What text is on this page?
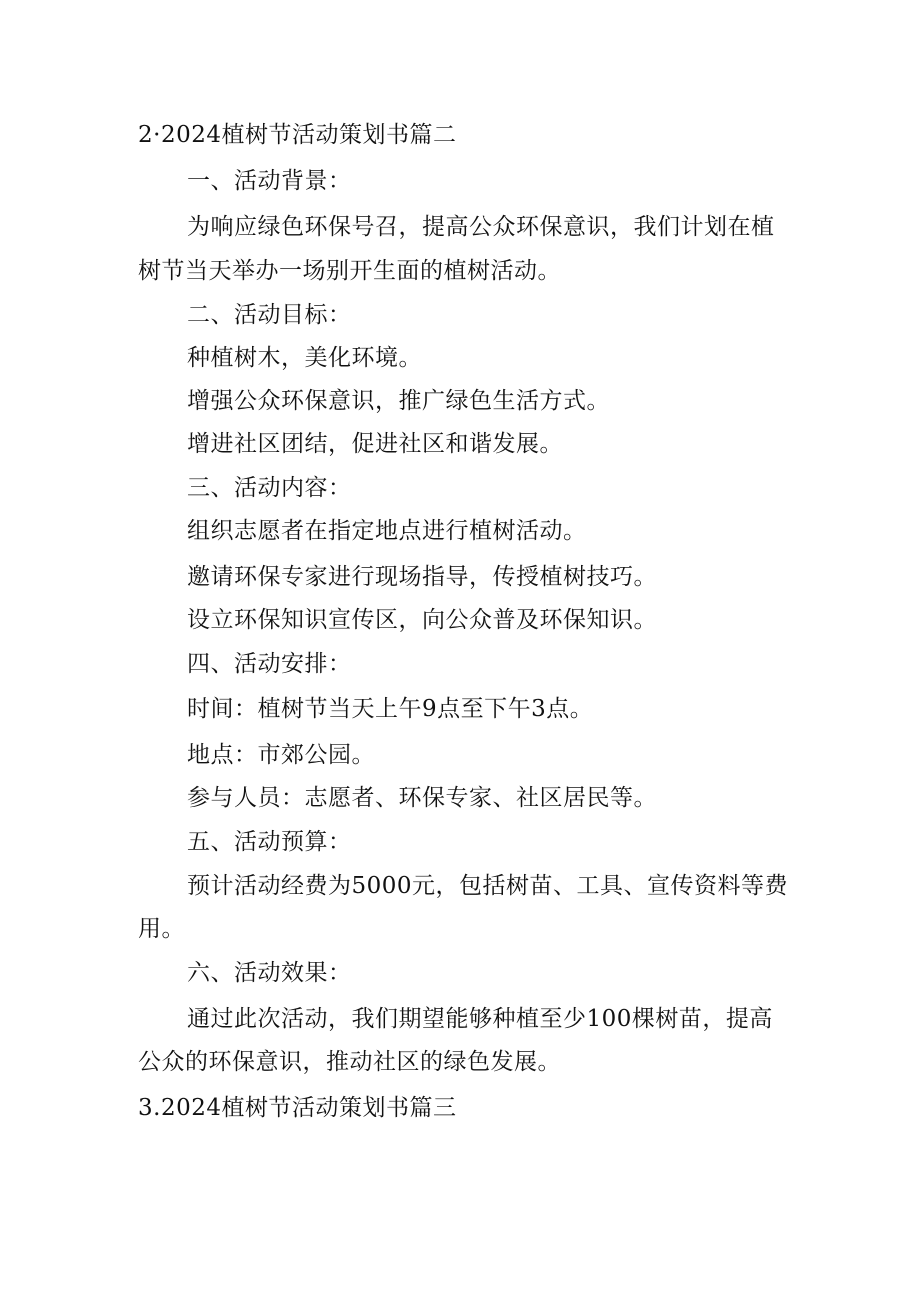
2·2024植树节活动策划书篇二
一、活动背景：
为响应绿色环保号召，提高公众环保意识，我们计划在植
树节当天举办一场别开生面的植树活动。
二、活动目标：
种植树木，美化环境。
增强公众环保意识，推广绿色生活方式。
增进社区团结，促进社区和谐发展。
三、活动内容：
组织志愿者在指定地点进行植树活动。
邀请环保专家进行现场指导，传授植树技巧。
设立环保知识宣传区，向公众普及环保知识。
四、活动安排：
时间：植树节当天上午9点至下午3点。
地点：市郊公园。
参与人员：志愿者、环保专家、社区居民等。
五、活动预算：
预计活动经费为5000元，包括树苗、工具、宣传资料等费
用。
六、活动效果：
通过此次活动，我们期望能够种植至少100棵树苗，提高
公众的环保意识，推动社区的绿色发展。
3.2024植树节活动策划书篇三
